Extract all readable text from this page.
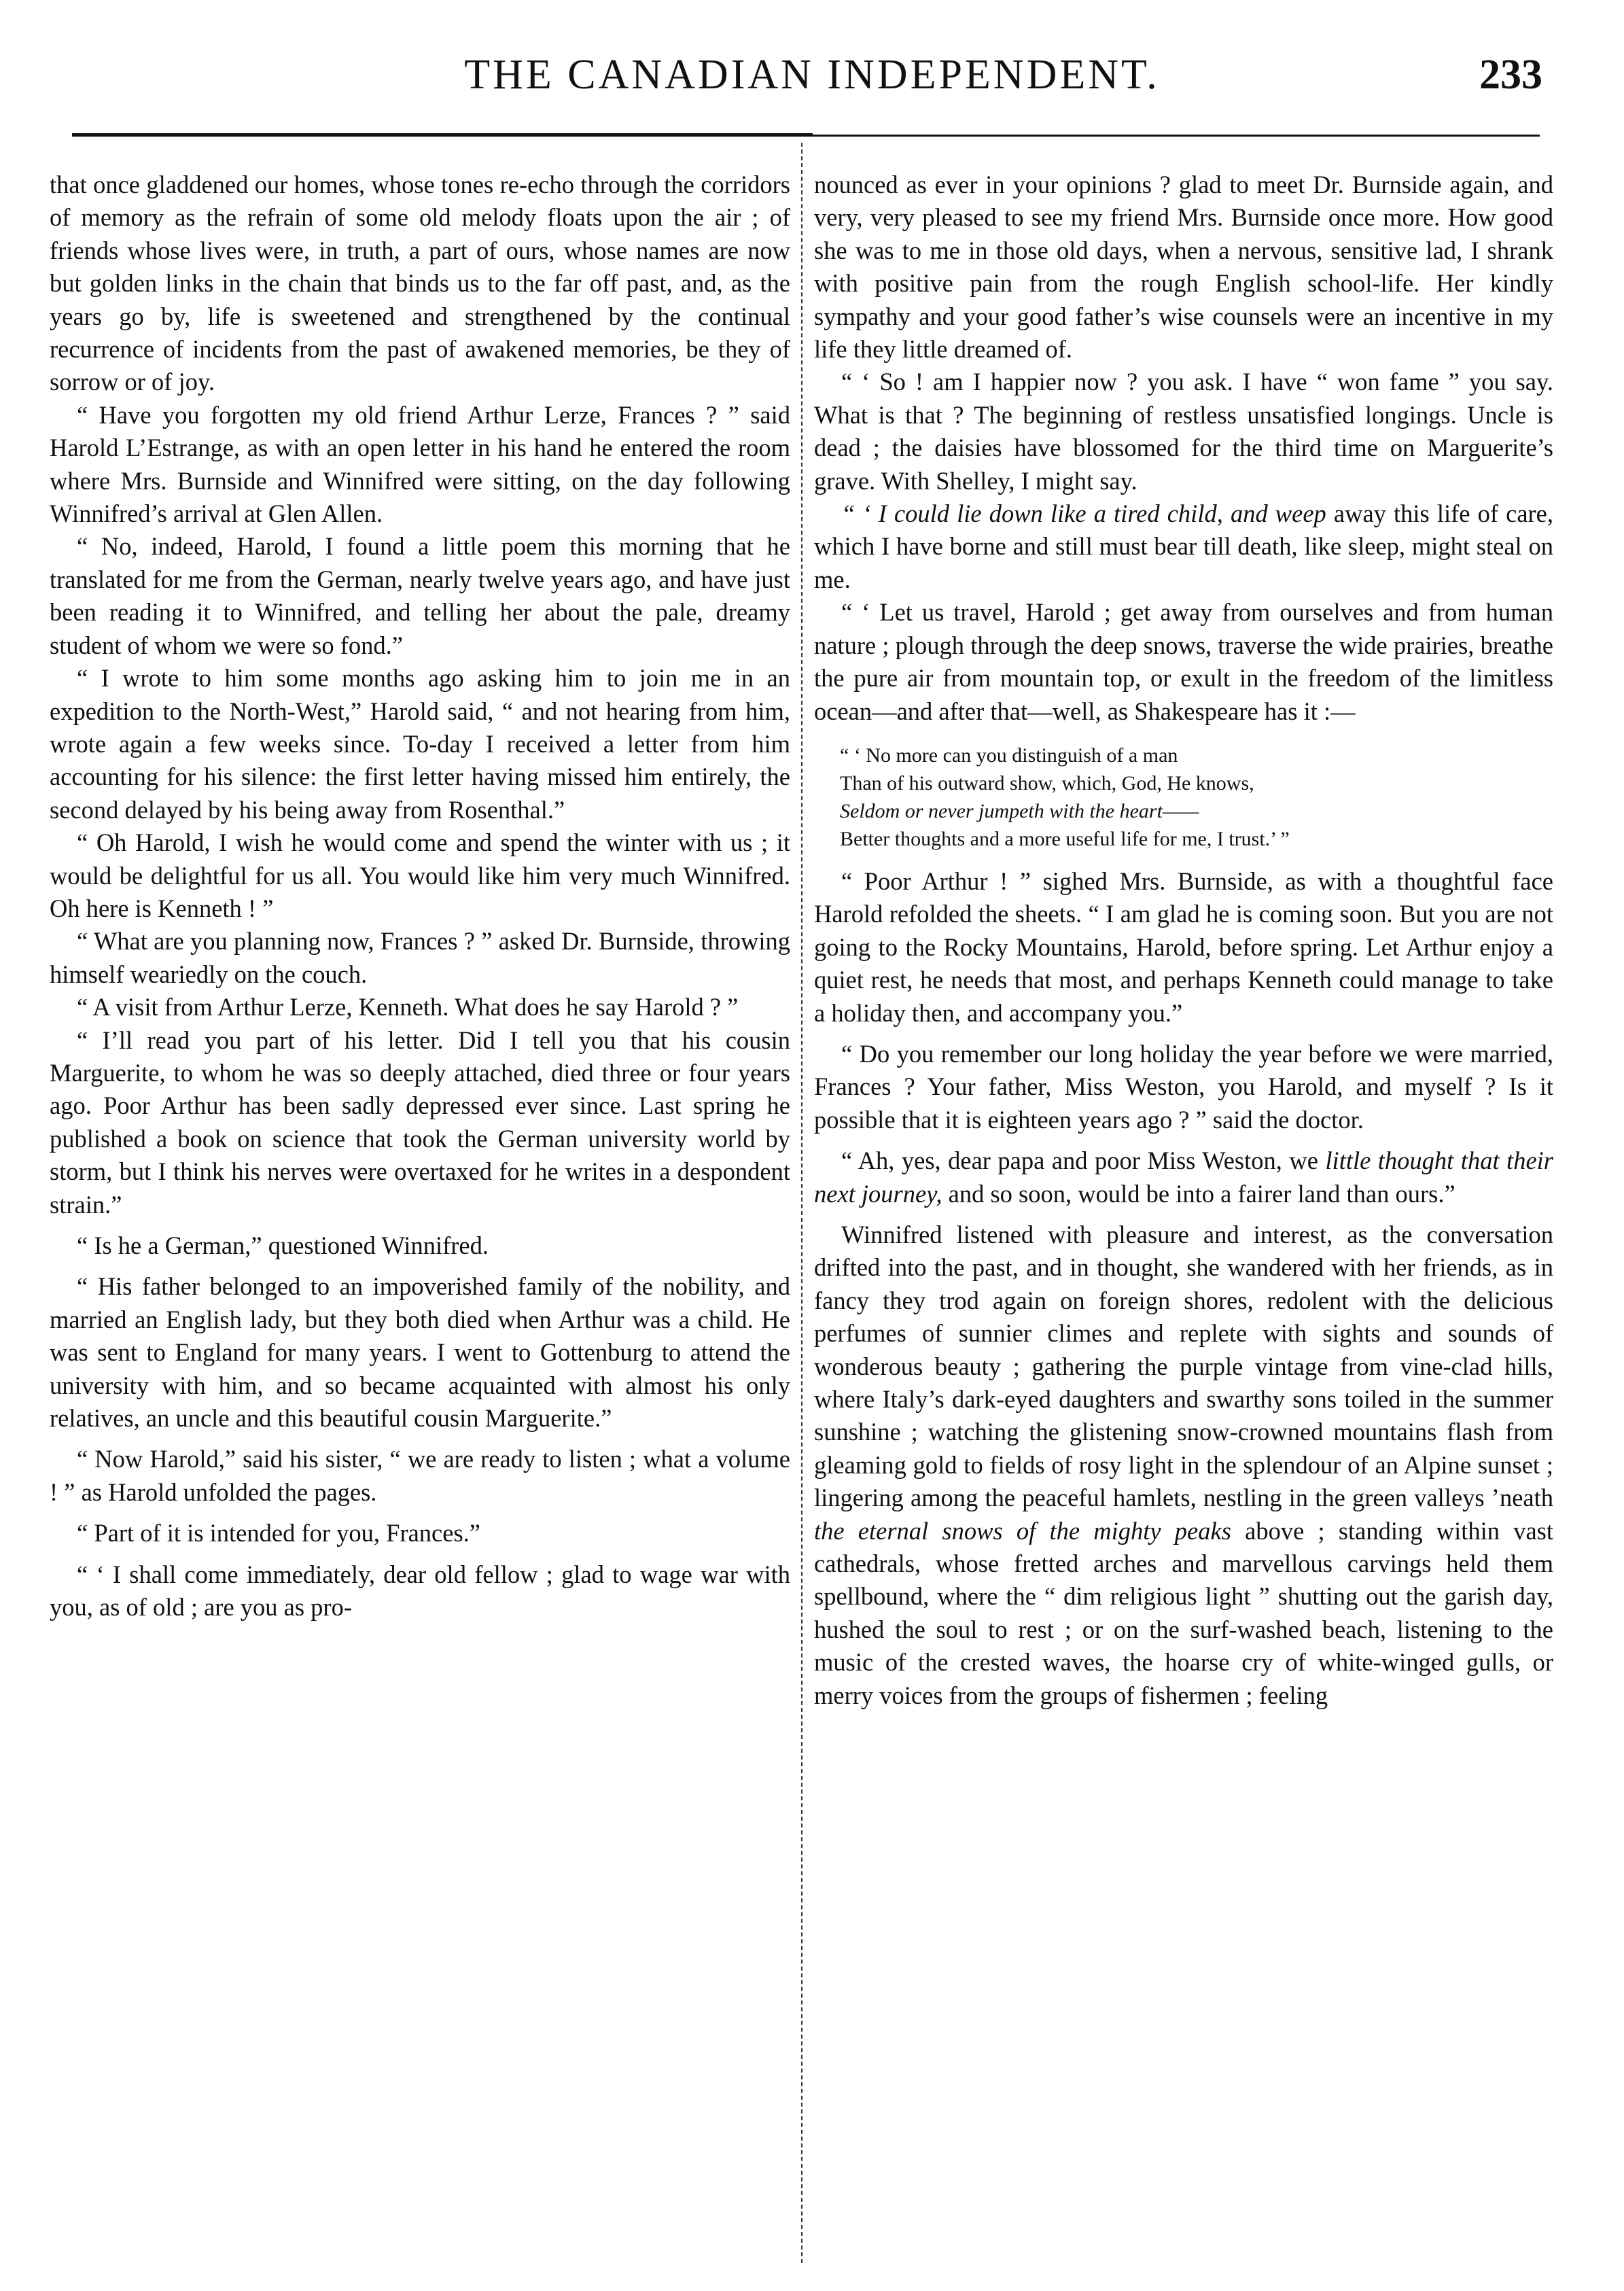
THE CANADIAN INDEPENDENT.	233

that once gladdened our homes, whose tones re-echo through the corridors of memory as the refrain of some old melody floats upon the air ; of friends whose lives were, in truth, a part of ours, whose names are now but golden links in the chain that binds us to the far off past, and, as the years go by, life is sweetened and strengthened by the continual recurrence of incidents from the past of awakened memories, be they of sorrow or of joy.

“ Have you forgotten my old friend Arthur Lerze, Frances ? ” said Harold L’Estrange, as with an open letter in his hand he entered the room where Mrs. Burnside and Winnifred were sitting, on the day following Winnifred’s arrival at Glen Allen.

“ No, indeed, Harold, I found a little poem this morning that he translated for me from the German, nearly twelve years ago, and have just been reading it to Winnifred, and telling her about the pale, dreamy student of whom we were so fond.”

“ I wrote to him some months ago asking him to join me in an expedition to the North-West,” Harold said, “ and not hearing from him, wrote again a few weeks since. To-day I received a letter from him accounting for his silence: the first letter having missed him entirely, the second delayed by his being away from Rosenthal.”

“ Oh Harold, I wish he would come and spend the winter with us ; it would be delightful for us all. You would like him very much Winnifred. Oh here is Kenneth ! ”

“ What are you planning now, Frances ? ” asked Dr. Burnside, throwing himself weariedly on the couch.

“ A visit from Arthur Lerze, Kenneth. What does he say Harold ? ”

“ I’ll read you part of his letter. Did I tell you that his cousin Marguerite, to whom he was so deeply attached, died three or four years ago. Poor Arthur has been sadly depressed ever since. Last spring he published a book on science that took the German university world by storm, but I think his nerves were overtaxed for he writes in a despondent strain.”

“ Is he a German,” questioned Winnifred.

“ His father belonged to an impoverished family of the nobility, and married an English lady, but they both died when Arthur was a child. He was sent to England for many years. I went to Gottenburg to attend the university with him, and so became acquainted with almost his only relatives, an uncle and this beautiful cousin Marguerite.”

“ Now Harold,” said his sister, “ we are ready to listen ; what a volume ! ” as Harold unfolded the pages.

“ Part of it is intended for you, Frances.”

“ ‘ I shall come immediately, dear old fellow ; glad to wage war with you, as of old ; are you as pro-

nounced as ever in your opinions ? glad to meet Dr. Burnside again, and very, very pleased to see my friend Mrs. Burnside once more. How good she was to me in those old days, when a nervous, sensitive lad, I shrank with positive pain from the rough English school-life. Her kindly sympathy and your good father’s wise counsels were an incentive in my life they little dreamed of.

“ ‘ So ! am I happier now ? you ask. I have “ won fame ” you say. What is that ? The beginning of restless unsatisfied longings. Uncle is dead ; the daisies have blossomed for the third time on Marguerite’s grave. With Shelley, I might say.

“ ‘ I could lie down like a tired child, and weep away this life of care, which I have borne and still must bear till death, like sleep, might steal on me.

“ ‘ Let us travel, Harold ; get away from ourselves and from human nature ; plough through the deep snows, traverse the wide prairies, breathe the pure air from mountain top, or exult in the freedom of the limitless ocean—and after that—well, as Shakespeare has it :—

“ ‘ No more can you distinguish of a man
Than of his outward show, which, God, He knows,
Seldom or never jumpeth with the heart——
Better thoughts and a more useful life for me, I trust.’ ”

“ Poor Arthur ! ” sighed Mrs. Burnside, as with a thoughtful face Harold refolded the sheets. “ I am glad he is coming soon. But you are not going to the Rocky Mountains, Harold, before spring. Let Arthur enjoy a quiet rest, he needs that most, and perhaps Kenneth could manage to take a holiday then, and accompany you.”

“ Do you remember our long holiday the year before we were married, Frances ? Your father, Miss Weston, you Harold, and myself ? Is it possible that it is eighteen years ago ? ” said the doctor.

“ Ah, yes, dear papa and poor Miss Weston, we little thought that their next journey, and so soon, would be into a fairer land than ours.”

Winnifred listened with pleasure and interest, as the conversation drifted into the past, and in thought, she wandered with her friends, as in fancy they trod again on foreign shores, redolent with the delicious perfumes of sunnier climes and replete with sights and sounds of wonderous beauty ; gathering the purple vintage from vine-clad hills, where Italy’s dark-eyed daughters and swarthy sons toiled in the summer sunshine ; watching the glistening snow-crowned mountains flash from gleaming gold to fields of rosy light in the splendour of an Alpine sunset ; lingering among the peaceful hamlets, nestling in the green valleys ’neath the eternal snows of the mighty peaks above ; standing within vast cathedrals, whose fretted arches and marvellous carvings held them spellbound, where the “ dim religious light ” shutting out the garish day, hushed the soul to rest ; or on the surf-washed beach, listening to the music of the crested waves, the hoarse cry of white-winged gulls, or merry voices from the groups of fishermen ; feeling
